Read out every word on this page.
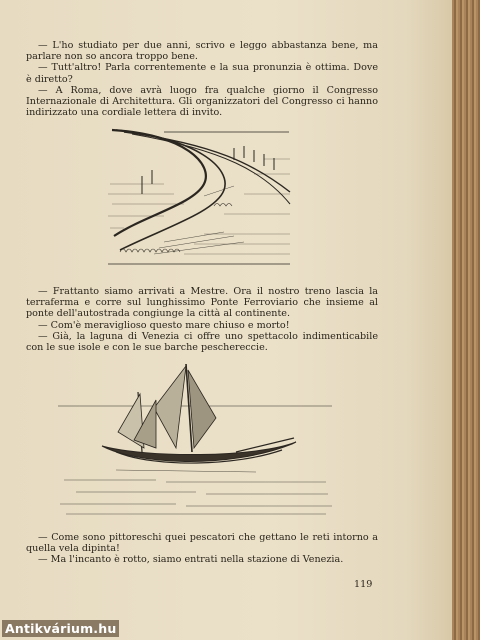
— L'ho studiato per due anni, scrivo e leggo abbastanza bene, ma parlare non so ancora troppo bene.

— Tutt'altro! Parla correntemente e la sua pronunzia è ottima. Dove è diretto?

— A Roma, dove avrà luogo fra qualche giorno il Congresso Internazionale di Architettura. Gli organizzatori del Congresso ci hanno indirizzato una cordiale lettera di invito.

— Frattanto siamo arrivati a Mestre. Ora il nostro treno lascia la terraferma e corre sul lunghissimo Ponte Ferroviario che insieme al ponte dell'autostrada congiunge la città al continente.

— Com'è meraviglioso questo mare chiuso e morto!

— Già, la laguna di Venezia ci offre uno spettacolo indimenticabile con le sue isole e con le sue barche peschereccie.

— Come sono pittoreschi quei pescatori che gettano le reti intorno a quella vela dipinta!

— Ma l'incanto è rotto, siamo entrati nella stazione di Venezia.

119
Antikvárium.hu
